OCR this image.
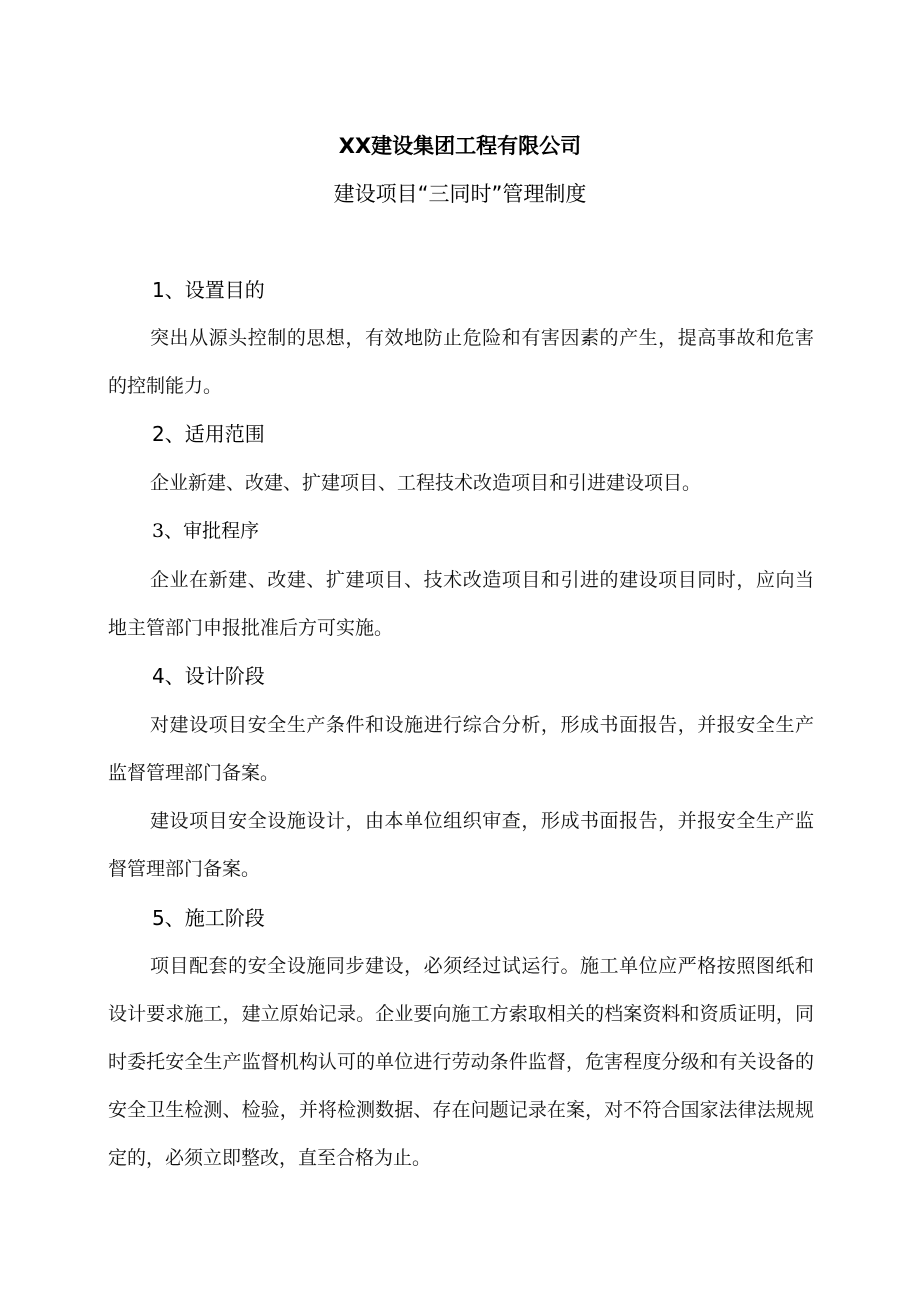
XX建设集团工程有限公司
建设项目“三同时”管理制度
1、设置目的

突出从源头控制的思想，有效地防止危险和有害因素的产生，提高事故和危害的控制能力。

2、适用范围

企业新建、改建、扩建项目、工程技术改造项目和引进建设项目。

3、审批程序

企业在新建、改建、扩建项目、技术改造项目和引进的建设项目同时，应向当地主管部门申报批准后方可实施。

4、设计阶段

对建设项目安全生产条件和设施进行综合分析，形成书面报告，并报安全生产监督管理部门备案。

建设项目安全设施设计，由本单位组织审查，形成书面报告，并报安全生产监督管理部门备案。

5、施工阶段

项目配套的安全设施同步建设，必须经过试运行。施工单位应严格按照图纸和设计要求施工，建立原始记录。企业要向施工方索取相关的档案资料和资质证明，同时委托安全生产监督机构认可的单位进行劳动条件监督，危害程度分级和有关设备的安全卫生检测、检验，并将检测数据、存在问题记录在案，对不符合国家法律法规规定的，必须立即整改，直至合格为止。
